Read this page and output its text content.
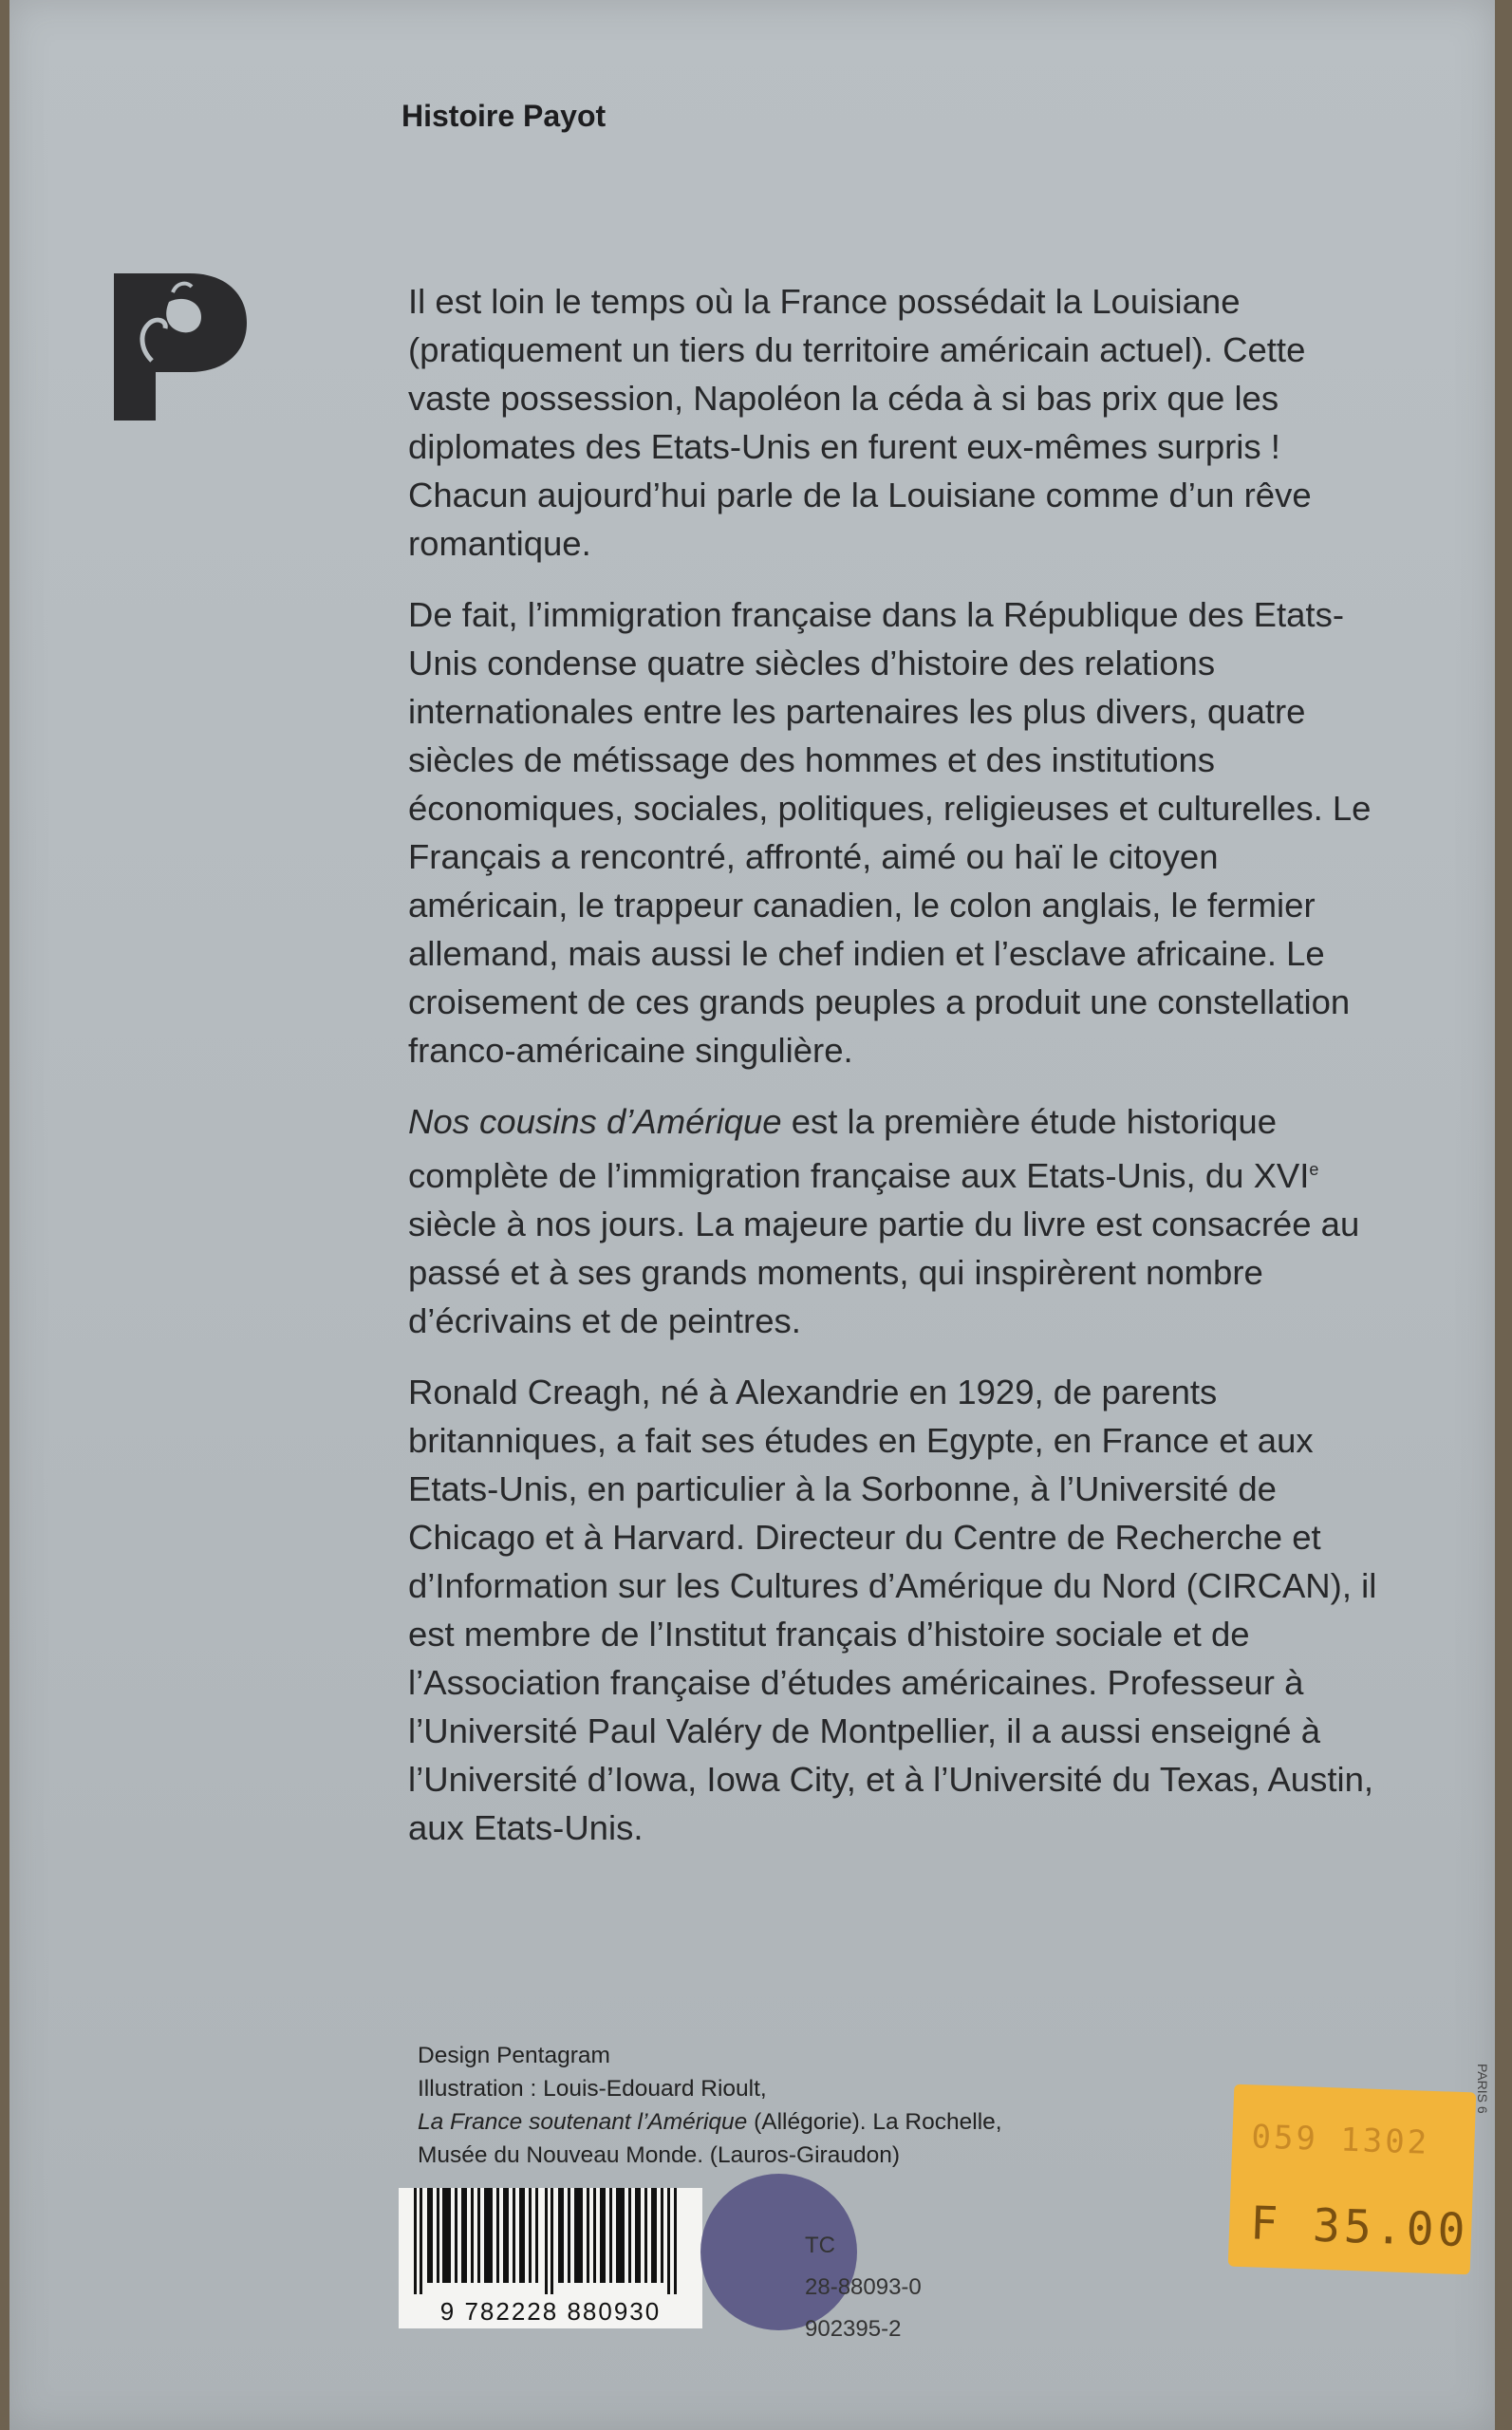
Histoire Payot

Il est loin le temps où la France possédait la Louisiane (pratiquement un tiers du territoire américain actuel). Cette vaste possession, Napoléon la céda à si bas prix que les diplomates des Etats-Unis en furent eux-mêmes surpris ! Chacun aujourd’hui parle de la Louisiane comme d’un rêve romantique.

De fait, l’immigration française dans la République des Etats-Unis condense quatre siècles d’histoire des relations internationales entre les partenaires les plus divers, quatre siècles de métissage des hommes et des institutions économiques, sociales, politiques, religieuses et culturelles. Le Français a rencontré, affronté, aimé ou haï le citoyen américain, le trappeur canadien, le colon anglais, le fermier allemand, mais aussi le chef indien et l’esclave africaine. Le croisement de ces grands peuples a produit une constellation franco-américaine singulière.

Nos cousins d’Amérique est la première étude historique complète de l’immigration française aux Etats-Unis, du XVIe siècle à nos jours. La majeure partie du livre est consacrée au passé et à ses grands moments, qui inspirèrent nombre d’écrivains et de peintres.

Ronald Creagh, né à Alexandrie en 1929, de parents britanniques, a fait ses études en Egypte, en France et aux Etats-Unis, en particulier à la Sorbonne, à l’Université de Chicago et à Harvard. Directeur du Centre de Recherche et d’Information sur les Cultures d’Amérique du Nord (CIRCAN), il est membre de l’Institut français d’histoire sociale et de l’Association française d’études américaines. Professeur à l’Université Paul Valéry de Montpellier, il a aussi enseigné à l’Université d’Iowa, Iowa City, et à l’Université du Texas, Austin, aux Etats-Unis.

Design Pentagram
Illustration : Louis-Edouard Rioult,
La France soutenant l’Amérique (Allégorie). La Rochelle,
Musée du Nouveau Monde. (Lauros-Giraudon)
9 782228 880930
TC
28-88093-0
902395-2
059 1302
F 35.00
PARIS 6
